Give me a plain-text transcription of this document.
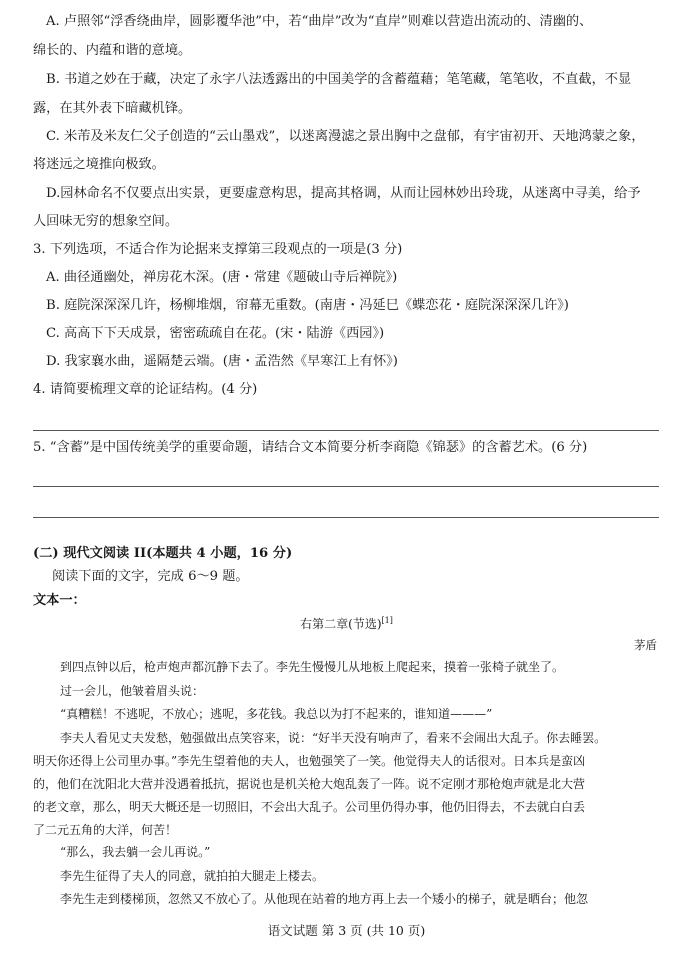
A. 卢照邻“浮香绕曲岸，圆影覆华池”中，若“曲岸”改为“直岸”则难以营造出流动的、清幽的、
绵长的、内蕴和谐的意境。
B. 书道之妙在于藏，决定了永字八法透露出的中国美学的含蓄蕴藉；笔笔藏，笔笔收，不直截，不显
露，在其外表下暗藏机锋。
C. 米芾及米友仁父子创造的“云山墨戏”，以迷离漫滤之景出胸中之盘郁，有宇宙初开、天地鸿蒙之象，
将迷远之境推向极致。
D.园林命名不仅要点出实景，更要虚意构思，提高其格调，从而让园林妙出玲珑，从迷离中寻美，给予
人回味无穷的想象空间。
3. 下列选项，不适合作为论据来支撑第三段观点的一项是(3 分)
A. 曲径通幽处，禅房花木深。(唐・常建《题破山寺后禅院》)
B. 庭院深深深几许，杨柳堆烟，帘幕无重数。(南唐・冯延巳《蝶恋花・庭院深深深几许》)
C. 高高下下天成景，密密疏疏自在花。(宋・陆游《西园》)
D. 我家襄水曲，遥隔楚云端。(唐・孟浩然《早寒江上有怀》)
4. 请简要梳理文章的论证结构。(4 分)
5. “含蓄”是中国传统美学的重要命题，请结合文本简要分析李商隐《锦瑟》的含蓄艺术。(6 分)
(二) 现代文阅读 II(本题共 4 小题，16 分)
阅读下面的文字，完成 6～9 题。
文本一：
右第二章(节选)[1]
茅盾
到四点钟以后，枪声炮声都沉静下去了。李先生慢慢儿从地板上爬起来，摸着一张椅子就坐了。
过一会儿，他皱着眉头说：
“真糟糕！不逃呢，不放心；逃呢，多花钱。我总以为打不起来的，谁知道———”
李夫人看见丈夫发愁，勉强做出点笑容来，说：“好半天没有响声了，看来不会闹出大乱子。你去睡罢。
明天你还得上公司里办事。”李先生望着他的夫人，也勉强笑了一笑。他觉得夫人的话很对。日本兵是蛮凶
的，他们在沈阳北大营并没遇着抵抗，据说也是机关枪大炮乱轰了一阵。说不定刚才那枪炮声就是北大营
的老文章，那么，明天大概还是一切照旧，不会出大乱子。公司里仍得办事，他仍旧得去，不去就白白丢
了二元五角的大洋，何苦！
“那么，我去躺一会儿再说。”
李先生征得了夫人的同意，就拍拍大腿走上楼去。
李先生走到楼梯顶，忽然又不放心了。从他现在站着的地方再上去一个矮小的梯子，就是晒台；他忽
语文试题 第 3 页 (共 10 页)
